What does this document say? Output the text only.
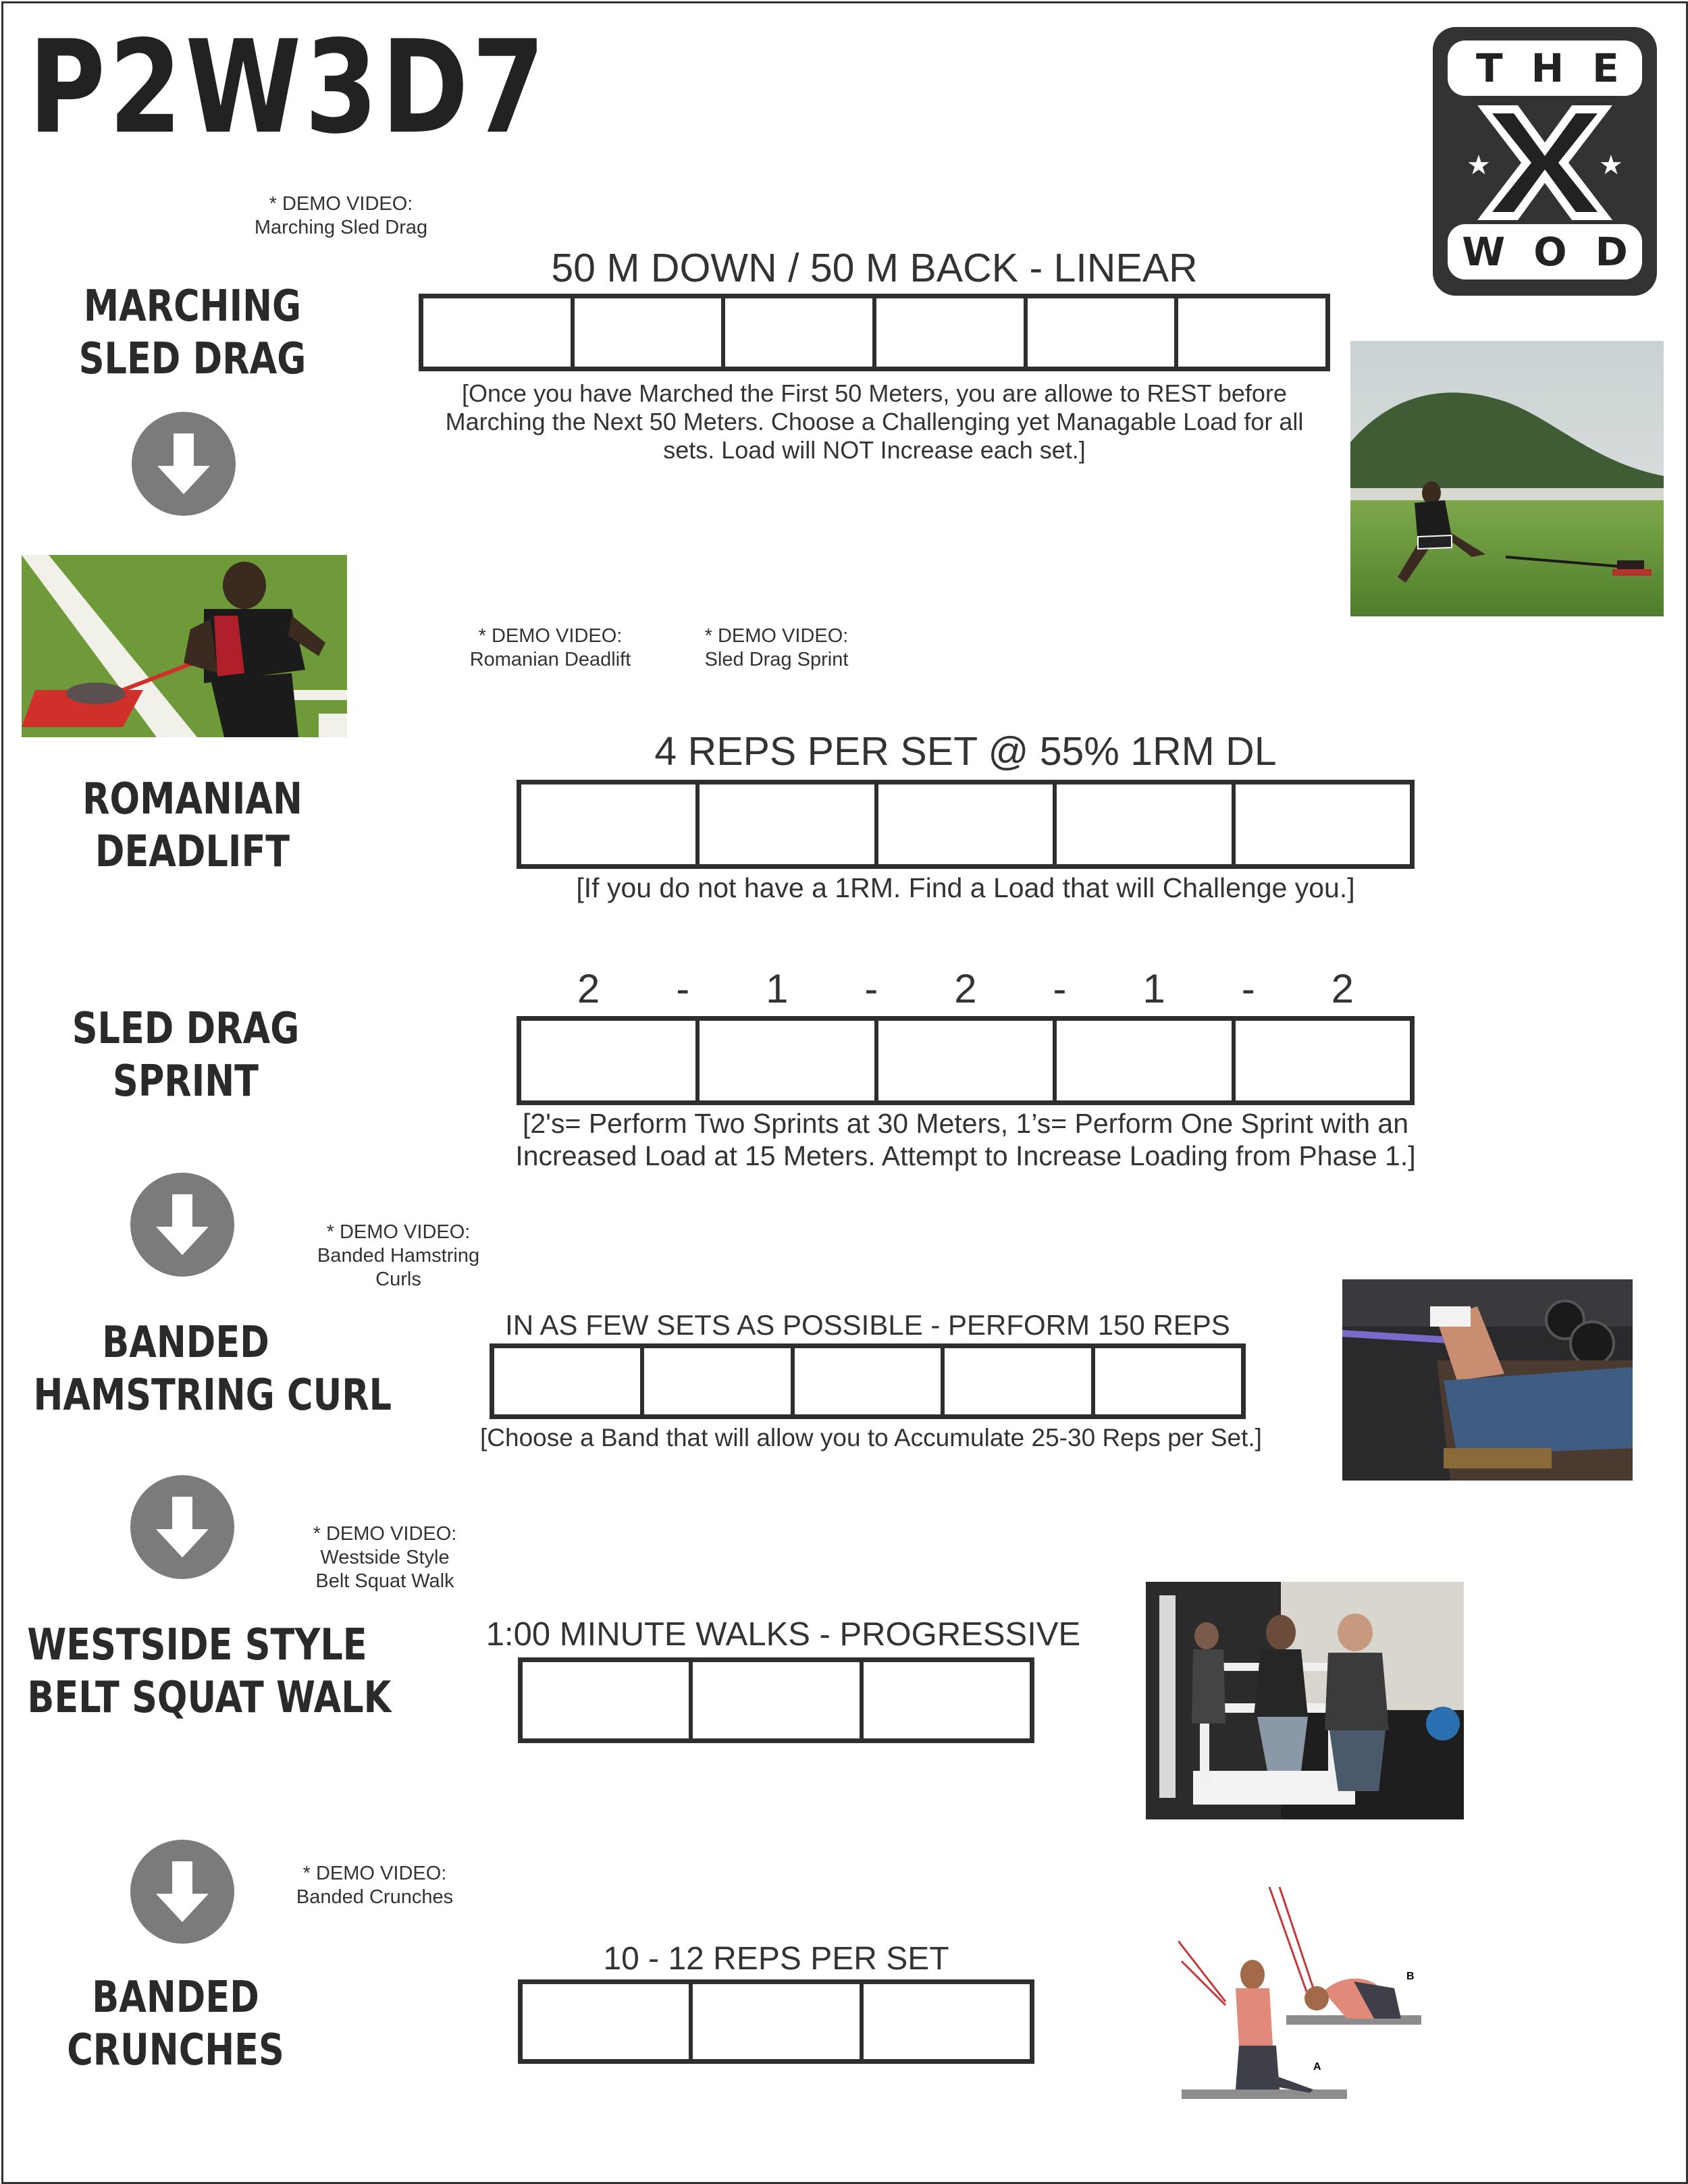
P2W3D7
★	★
THE
WOD
* DEMO VIDEO:
Marching Sled Drag
MARCHING
SLED DRAG
50 M DOWN / 50 M BACK - LINEAR
[Once you have Marched the First 50 Meters, you are allowe to REST before
Marching the Next 50 Meters. Choose a Challenging yet Managable Load for all
sets. Load will NOT Increase each set.]
* DEMO VIDEO:
Romanian Deadlift
* DEMO VIDEO:
Sled Drag Sprint
ROMANIAN
DEADLIFT
4 REPS PER SET @ 55% 1RM DL
[If you do not have a 1RM. Find a Load that will Challenge you.]
SLED DRAG
SPRINT
2 - 1 - 2 - 1 - 2
[2's= Perform Two Sprints at 30 Meters, 1’s= Perform One Sprint with an
Increased Load at 15 Meters. Attempt to Increase Loading from Phase 1.]
* DEMO VIDEO:
Banded Hamstring
Curls
BANDED
HAMSTRING CURL
IN AS FEW SETS AS POSSIBLE - PERFORM 150 REPS
[Choose a Band that will allow you to Accumulate 25-30 Reps per Set.]
* DEMO VIDEO:
Westside Style
Belt Squat Walk
WESTSIDE STYLE
BELT SQUAT WALK
1:00 MINUTE WALKS - PROGRESSIVE
* DEMO VIDEO:
Banded Crunches
BANDED
CRUNCHES
10 - 12 REPS PER SET
A
B
